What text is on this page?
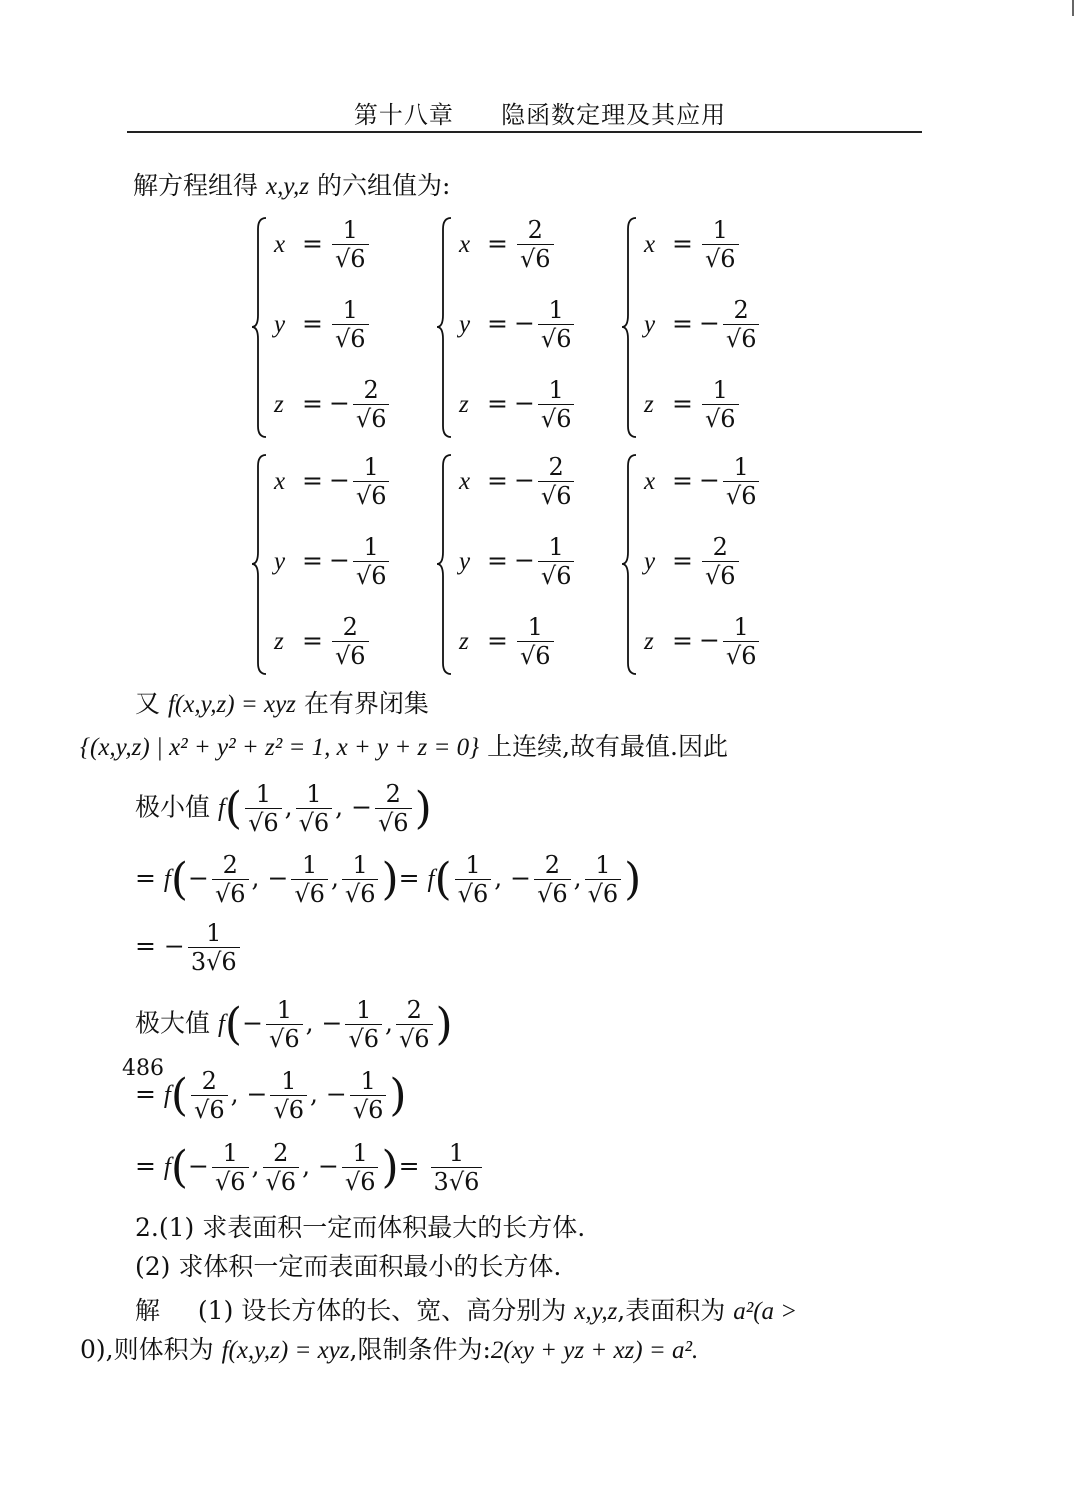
第十八章 隐函数定理及其应用
解方程组得 x,y,z 的六组值为:
$x = \frac{1}{√6}$
$y = \frac{1}{√6}$
z = − $\frac{2}{√6}$
$x = \frac{2}{√6}$
y = − $\frac{1}{√6}$
z = − $\frac{1}{√6}$
$x = \frac{1}{√6}$
y = − $\frac{2}{√6}$
$z = \frac{1}{√6}$
x = − $\frac{1}{√6}$
y = − $\frac{1}{√6}$
$z = \frac{2}{√6}$
x = − $\frac{2}{√6}$
y = − $\frac{1}{√6}$
$z = \frac{1}{√6}$
x = − $\frac{1}{√6}$
$y = \frac{2}{√6}$
z = − $\frac{1}{√6}$
又 f(x,y,z) = xyz 在有界闭集
{(x,y,z) | x² + y² + z² = 1, x + y + z = 0} 上连续,故有最值.因此
极小值 $f( \frac{1}{√6}$ , $\frac{1}{√6}$ , − $\frac{2}{√6}$ )
= $f(- \frac{2}{√6}$ , − $\frac{1}{√6}$ , $\frac{1}{√6}$ )= $f( \frac{1}{√6}$ , − $\frac{2}{√6}$ , $\frac{1}{√6}$ )
= − $\frac{1}{3√6}$
极大值 $f(- \frac{1}{√6}$ , − $\frac{1}{√6}$ , $\frac{2}{√6}$ )
= $f( \frac{2}{√6}$ , − $\frac{1}{√6}$ , − $\frac{1}{√6}$ )
= $f(- \frac{1}{√6}$ , $\frac{2}{√6}$ , − $\frac{1}{√6}$ )= $\frac{1}{3√6}$
2.(1) 求表面积一定而体积最大的长方体.
(2) 求体积一定而表面积最小的长方体.
解 (1) 设长方体的长、宽、高分别为 x,y,z,表面积为 a²(a >
0),则体积为 f(x,y,z) = xyz,限制条件为:2(xy + yz + xz) = a².
486
